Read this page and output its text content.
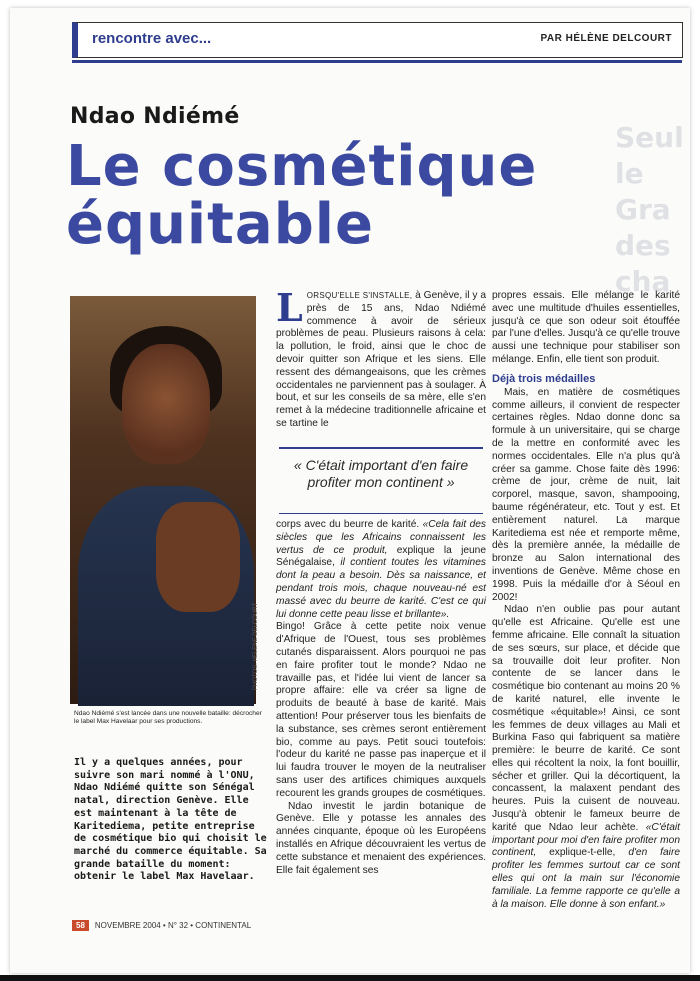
Seul le Gra des cha
rencontre avec...	PAR HÉLÈNE DELCOURT
Ndao Ndiémé
Le cosmétique équitable
PHOTOS: HÉLÈNE DELCOURT
Ndao Ndiémé s'est lancée dans une nouvelle bataille: décrocher le label Max Havelaar pour ses productions.
Il y a quelques années, pour suivre son mari nommé à l'ONU, Ndao Ndiémé quitte son Sénégal natal, direction Genève. Elle est maintenant à la tête de Karitediema, petite entreprise de cosmétique bio qui choisit le marché du commerce équitable. Sa grande bataille du moment: obtenir le label Max Havelaar.
LORSQU'ELLE S'INSTALLE, à Genève, il y a près de 15 ans, Ndao Ndiémé commence à avoir de sérieux problèmes de peau. Plusieurs raisons à cela: la pollution, le froid, ainsi que le choc de devoir quitter son Afrique et les siens. Elle ressent des démangeaisons, que les crèmes occidentales ne parviennent pas à soulager. À bout, et sur les conseils de sa mère, elle s'en remet à la médecine traditionnelle africaine et se tartine le
« C'était important d'en faire profiter mon continent »
corps avec du beurre de karité. «Cela fait des siècles que les Africains connaissent les vertus de ce produit, explique la jeune Sénégalaise, il contient toutes les vitamines dont la peau a besoin. Dès sa naissance, et pendant trois mois, chaque nouveau-né est massé avec du beurre de karité. C'est ce qui lui donne cette peau lisse et brillante».
Bingo! Grâce à cette petite noix venue d'Afrique de l'Ouest, tous ses problèmes cutanés disparaissent. Alors pourquoi ne pas en faire profiter tout le monde? Ndao ne travaille pas, et l'idée lui vient de lancer sa propre affaire: elle va créer sa ligne de produits de beauté à base de karité. Mais attention! Pour préserver tous les bienfaits de la substance, ses crèmes seront entièrement bio, comme au pays. Petit souci toutefois: l'odeur du karité ne passe pas inaperçue et il lui faudra trouver le moyen de la neutraliser sans user des artifices chimiques auxquels recourent les grands groupes de cosmétiques.
Ndao investit le jardin botanique de Genève. Elle y potasse les annales des années cinquante, époque où les Européens installés en Afrique découvraient les vertus de cette substance et menaient des expériences. Elle fait également ses
propres essais. Elle mélange le karité avec une multitude d'huiles essentielles, jusqu'à ce que son odeur soit étouffée par l'une d'elles. Jusqu'à ce qu'elle trouve aussi une technique pour stabiliser son mélange. Enfin, elle tient son produit.
Déjà trois médailles
Mais, en matière de cosmétiques comme ailleurs, il convient de respecter certaines règles. Ndao donne donc sa formule à un universitaire, qui se charge de la mettre en conformité avec les normes occidentales. Elle n'a plus qu'à créer sa gamme. Chose faite dès 1996: crème de jour, crème de nuit, lait corporel, masque, savon, shampooing, baume régénérateur, etc. Tout y est. Et entièrement naturel. La marque Karitediema est née et remporte même, dès la première année, la médaille de bronze au Salon international des inventions de Genève. Même chose en 1998. Puis la médaille d'or à Séoul en 2002!
Ndao n'en oublie pas pour autant qu'elle est Africaine. Qu'elle est une femme africaine. Elle connaît la situation de ses sœurs, sur place, et décide que sa trouvaille doit leur profiter. Non contente de se lancer dans le cosmétique bio contenant au moins 20 % de karité naturel, elle invente le cosmétique «équitable»! Ainsi, ce sont les femmes de deux villages au Mali et Burkina Faso qui fabriquent sa matière première: le beurre de karité. Ce sont elles qui récoltent la noix, la font bouillir, sécher et griller. Qui la décortiquent, la concassent, la malaxent pendant des heures. Puis la cuisent de nouveau. Jusqu'à obtenir le fameux beurre de karité que Ndao leur achète. «C'était important pour moi d'en faire profiter mon continent, explique-t-elle, d'en faire profiter les femmes surtout car ce sont elles qui ont la main sur l'économie familiale. La femme rapporte ce qu'elle a à la maison. Elle donne à son enfant.»
58 NOVEMBRE 2004 • N° 32 • CONTINENTAL
